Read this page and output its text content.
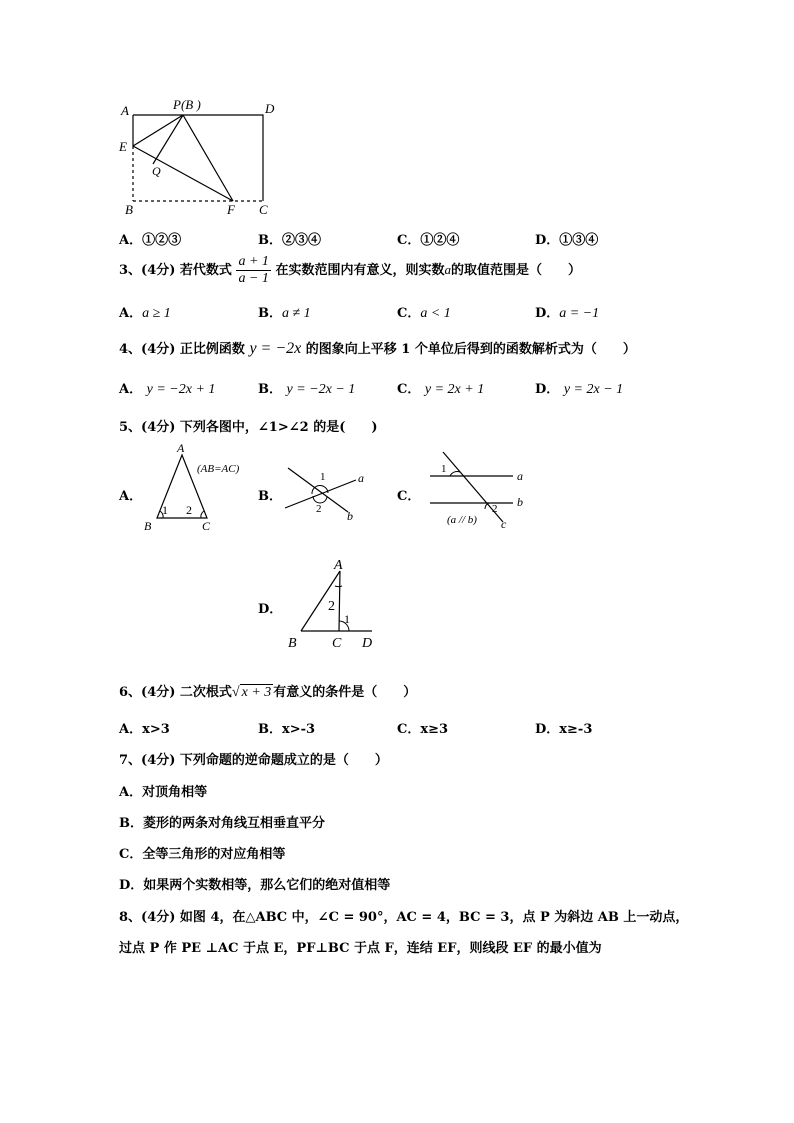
A	P(B )	D
E
Q
B	F C
A．①②③	B．②③④	C．①②④	D．①③④
3、(4分) 若代数式 $\frac{a + 1}{a - 1}$ 在实数范围内有意义，则实数a的取值范围是（　　）
A．a ≥ 1	B．a ≠ 1	C．a < 1	D．a = −1
4、(4分) 正比例函数 y = −2x 的图象向上平移 1 个单位后得到的函数解析式为（　　）
A． y = −2x + 1	B． y = −2x − 1	C． y = 2x + 1	D． y = 2x − 1
5、(4分) 下列各图中，∠1>∠2 的是(　　)
A．
A
(AB=AC)
1 2
B	C
B．
1
2
a
b
C．
1
2
a
b
c
(a // b)
D．
A
2
1
B	C D
6、(4分) 二次根式√ x + 3 有意义的条件是（　　）
A．x>3	B．x>-3	C．x≥3	D．x≥-3
7、(4分) 下列命题的逆命题成立的是（　　）
A．对顶角相等
B．菱形的两条对角线互相垂直平分
C．全等三角形的对应角相等
D．如果两个实数相等，那么它们的绝对值相等
8、(4分) 如图 4，在△ABC 中，∠C = 90°，AC = 4，BC = 3，点 P 为斜边 AB 上一动点，
过点 P 作 PE ⊥AC 于点 E，PF⊥BC 于点 F，连结 EF，则线段 EF 的最小值为
